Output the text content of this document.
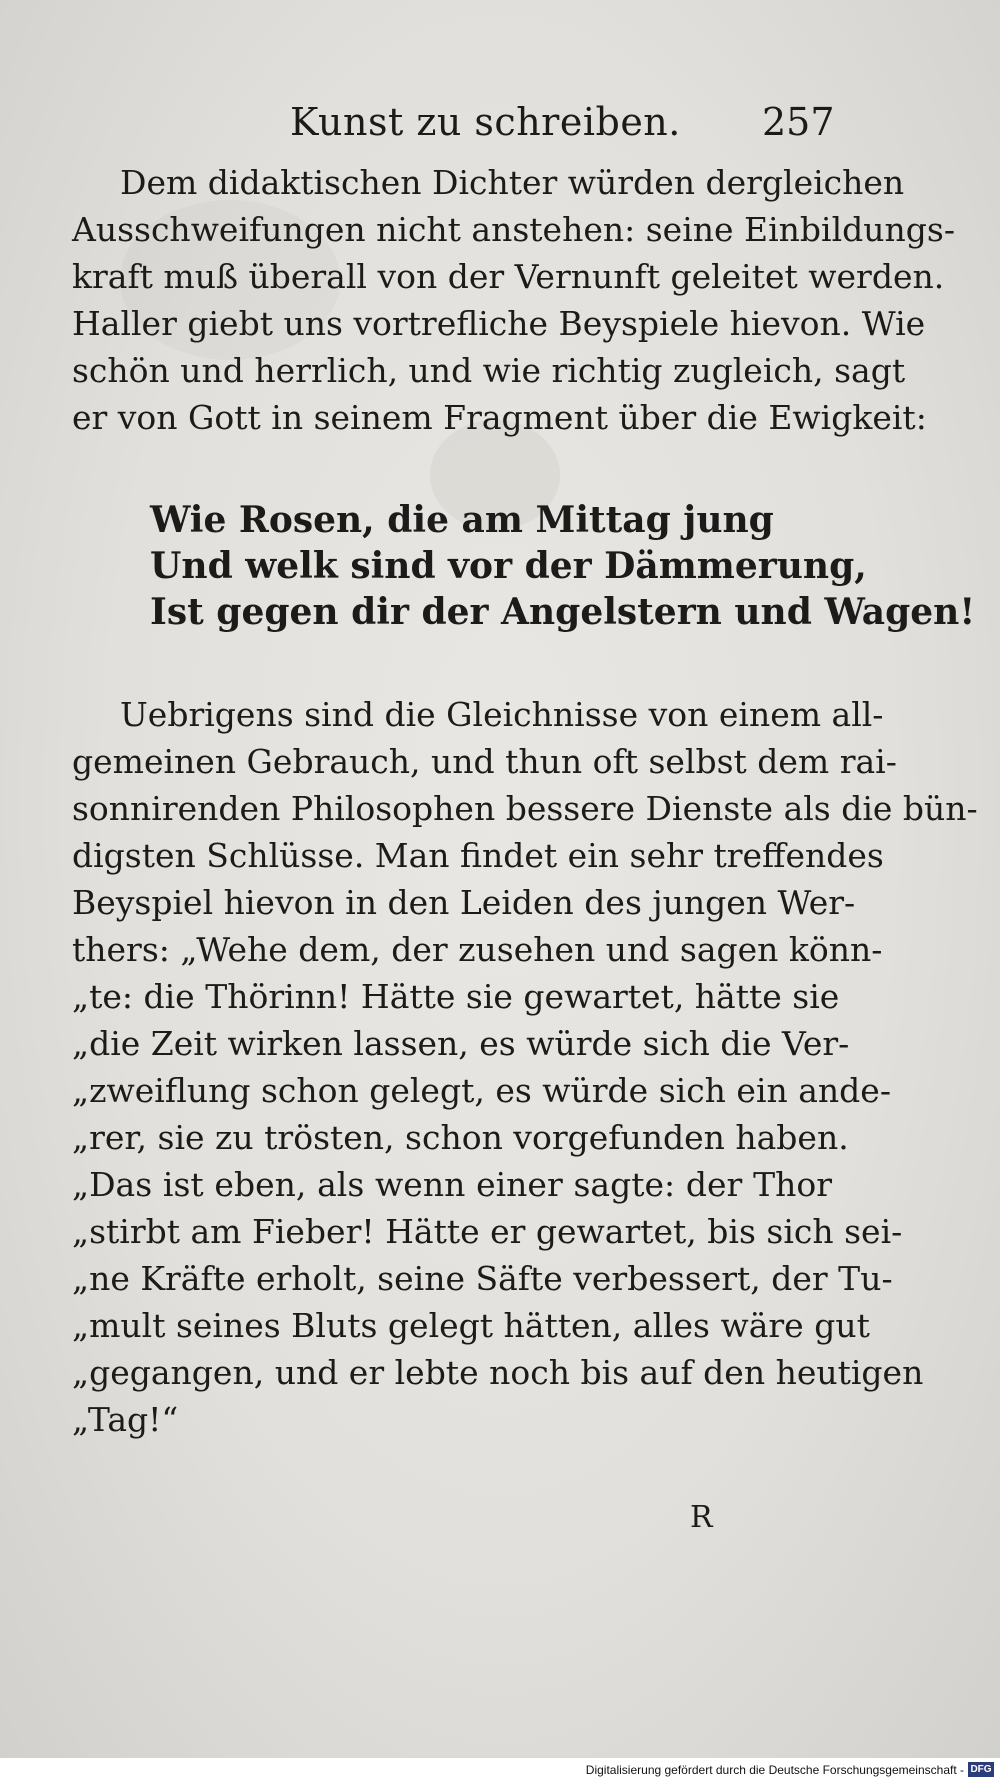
Kunst zu schreiben. 257
Dem didaktischen Dichter würden dergleichen
Ausschweifungen nicht anstehen: seine Einbildungs-
kraft muß überall von der Vernunft geleitet werden.
Haller giebt uns vortrefliche Beyspiele hievon. Wie
schön und herrlich, und wie richtig zugleich, sagt
er von Gott in seinem Fragment über die Ewigkeit:
Wie Rosen, die am Mittag jung
Und welk sind vor der Dämmerung,
Ist gegen dir der Angelstern und Wagen!
Uebrigens sind die Gleichnisse von einem all-
gemeinen Gebrauch, und thun oft selbst dem rai-
sonnirenden Philosophen bessere Dienste als die bün-
digsten Schlüsse. Man findet ein sehr treffendes
Beyspiel hievon in den Leiden des jungen Wer-
thers: „Wehe dem, der zusehen und sagen könn-
„te: die Thörinn! Hätte sie gewartet, hätte sie
„die Zeit wirken lassen, es würde sich die Ver-
„zweiflung schon gelegt, es würde sich ein ande-
„rer, sie zu trösten, schon vorgefunden haben.
„Das ist eben, als wenn einer sagte: der Thor
„stirbt am Fieber! Hätte er gewartet, bis sich sei-
„ne Kräfte erholt, seine Säfte verbessert, der Tu-
„mult seines Bluts gelegt hätten, alles wäre gut
„gegangen, und er lebte noch bis auf den heutigen
„Tag!“
R
Digitalisierung gefördert durch die Deutsche Forschungsgemeinschaft - DFG
